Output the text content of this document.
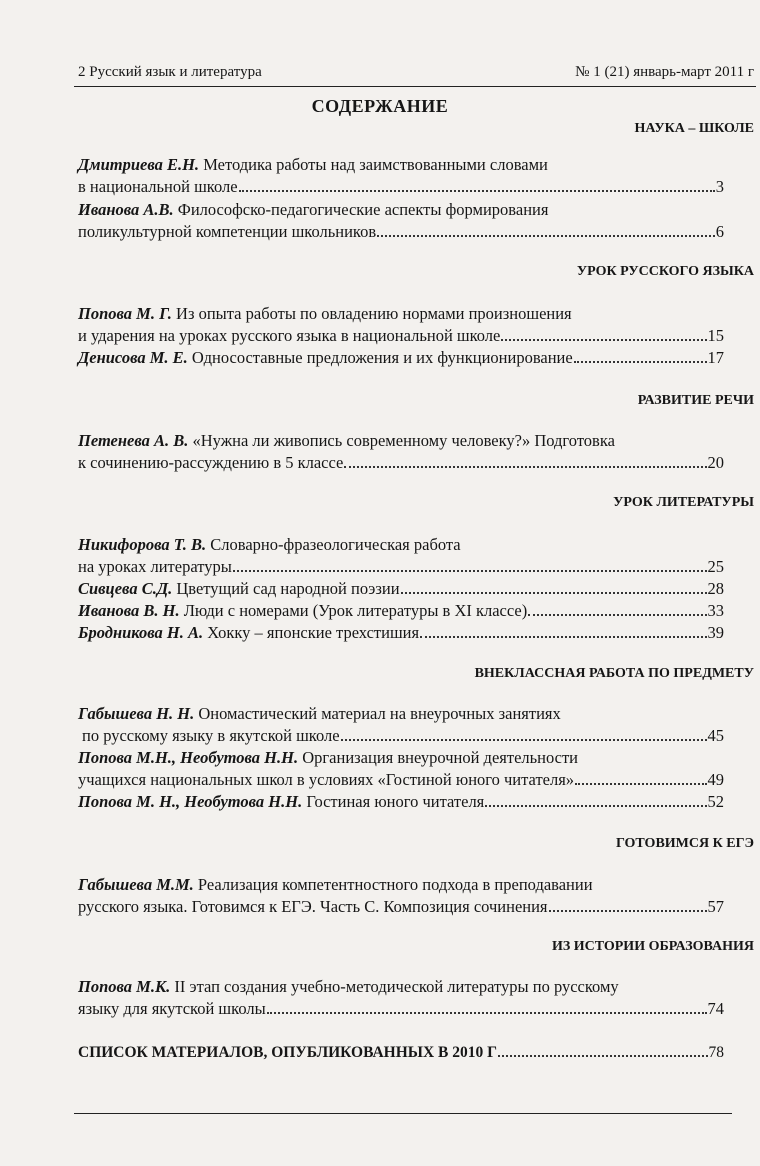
2 Русский язык и литература	№ 1 (21) январь-март 2011 г
СОДЕРЖАНИЕ
НАУКА – ШКОЛЕ
Дмитриева Е.Н. Методика работы над заимствованными словами
в национальной школе	3
Иванова А.В. Философско-педагогические аспекты формирования
поликультурной компетенции школьников	6
УРОК РУССКОГО ЯЗЫКА
Попова М. Г. Из опыта работы по овладению нормами произношения
и ударения на уроках русского языка в национальной школе	15
Денисова М. Е. Односоставные предложения и их функционирование	17
РАЗВИТИЕ РЕЧИ
Петенева А. В. «Нужна ли живопись современному человеку?» Подготовка
к сочинению-рассуждению в 5 классе	20
УРОК ЛИТЕРАТУРЫ
Никифорова Т. В. Словарно-фразеологическая работа
на уроках литературы	25
Сивцева С.Д. Цветущий сад народной поэзии	28
Иванова В. Н. Люди с номерами (Урок литературы в XI классе)	33
Бродникова Н. А. Хокку – японские трехстишия	39
ВНЕКЛАССНАЯ РАБОТА ПО ПРЕДМЕТУ
Габышева Н. Н. Ономастический материал на внеурочных занятиях
по русскому языку в якутской школе	45
Попова М.Н., Необутова Н.Н. Организация внеурочной деятельности
учащихся национальных школ в условиях «Гостиной юного читателя»	49
Попова М. Н., Необутова Н.Н. Гостиная юного читателя	52
ГОТОВИМСЯ К ЕГЭ
Габышева М.М. Реализация компетентностного подхода в преподавании
русского языка. Готовимся к ЕГЭ. Часть С. Композиция сочинения	57
ИЗ ИСТОРИИ ОБРАЗОВАНИЯ
Попова М.К. II этап создания учебно-методической литературы по русскому
языку для якутской школы	74
СПИСОК МАТЕРИАЛОВ, ОПУБЛИКОВАННЫХ В 2010 Г	78
